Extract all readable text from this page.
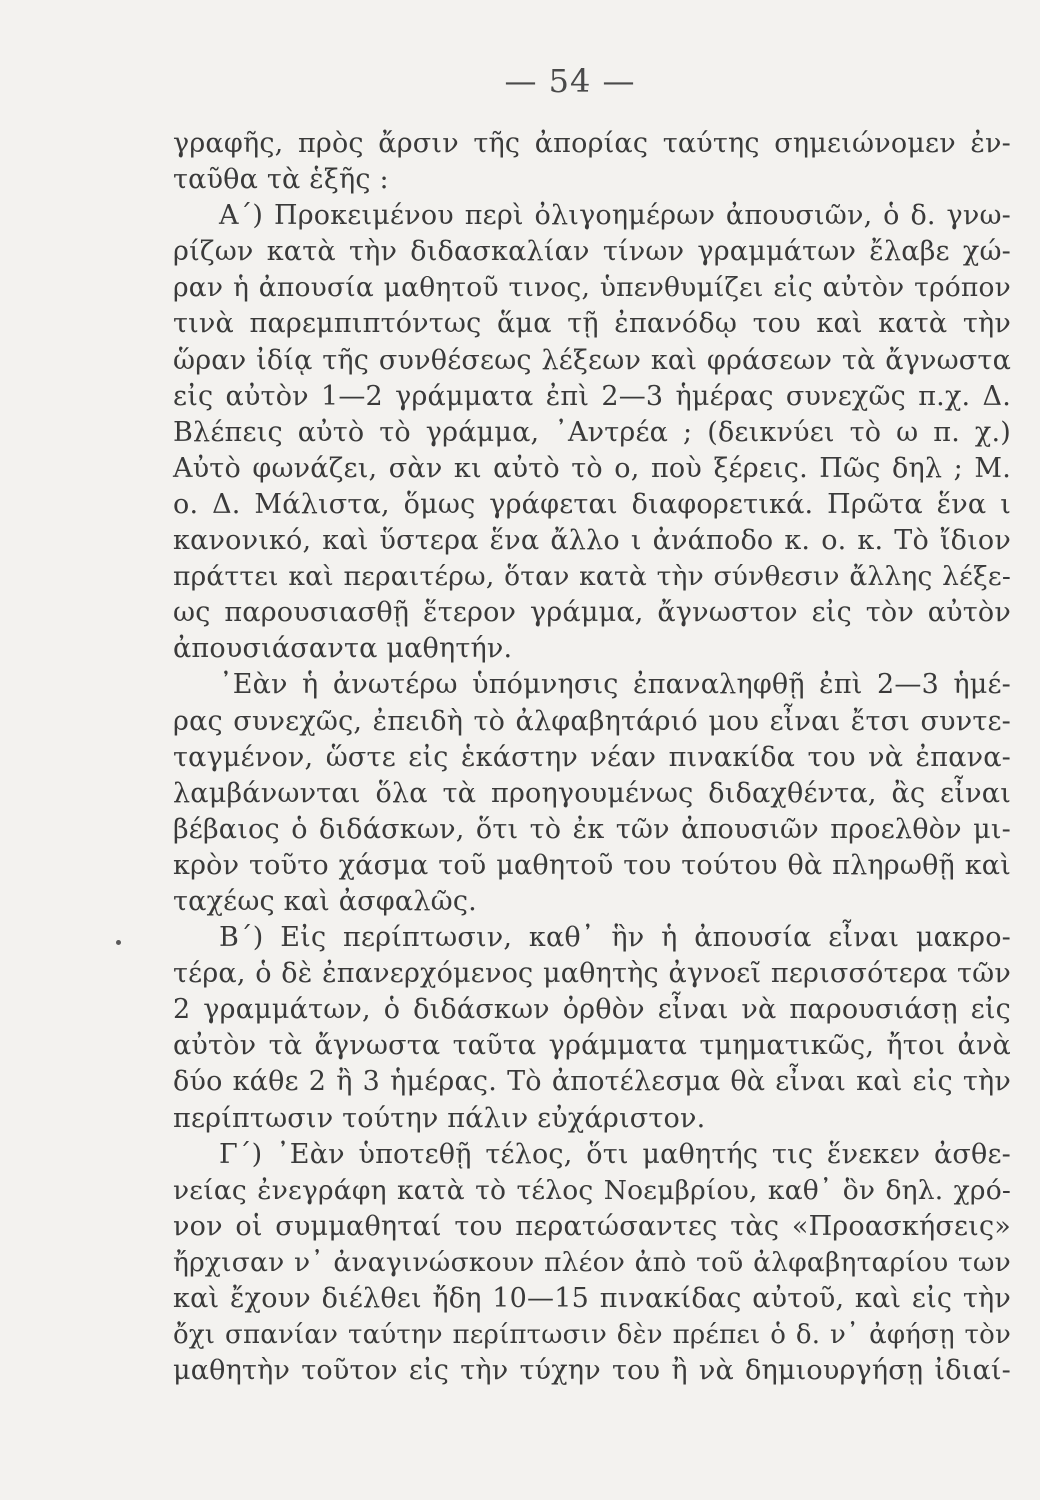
— 54 —
γραφῆς, πρὸς ἄρσιν τῆς ἀπορίας ταύτης σημειώνομεν ἐν-
ταῦθα τὰ ἑξῆς :
Α΄) Προκειμένου περὶ ὀλιγοημέρων ἀπουσιῶν, ὁ δ. γνω-
ρίζων κατὰ τὴν διδασκαλίαν τίνων γραμμάτων ἔλαβε χώ-
ραν ἡ ἀπουσία μαθητοῦ τινος, ὑπενθυμίζει εἰς αὐτὸν τρόπον
τινὰ παρεμπιπτόντως ἅμα τῇ ἐπανόδῳ του καὶ κατὰ τὴν
ὥραν ἰδίᾳ τῆς συνθέσεως λέξεων καὶ φράσεων τὰ ἄγνωστα
εἰς αὐτὸν 1—2 γράμματα ἐπὶ 2—3 ἡμέρας συνεχῶς π.χ. Δ.
Βλέπεις αὐτὸ τὸ γράμμα, ᾿Αντρέα ; (δεικνύει τὸ ω π. χ.)
Αὐτὸ φωνάζει, σὰν κι αὐτὸ τὸ ο, ποὺ ξέρεις. Πῶς δηλ ; Μ.
ο. Δ. Μάλιστα, ὅμως γράφεται διαφορετικά. Πρῶτα ἕνα ι
κανονικό, καὶ ὕστερα ἕνα ἄλλο ι ἀνάποδο κ. ο. κ. Τὸ ἴδιον
πράττει καὶ περαιτέρω, ὅταν κατὰ τὴν σύνθεσιν ἄλλης λέξε-
ως παρουσιασθῇ ἕτερον γράμμα, ἄγνωστον εἰς τὸν αὐτὸν
ἀπουσιάσαντα μαθητήν.
᾿Εὰν ἡ ἀνωτέρω ὑπόμνησις ἐπαναληφθῇ ἐπὶ 2—3 ἡμέ-
ρας συνεχῶς, ἐπειδὴ τὸ ἀλφαβητάριό μου εἶναι ἔτσι συντε-
ταγμένον, ὥστε εἰς ἑκάστην νέαν πινακίδα του νὰ ἐπανα-
λαμβάνωνται ὅλα τὰ προηγουμένως διδαχθέντα, ἂς εἶναι
βέβαιος ὁ διδάσκων, ὅτι τὸ ἐκ τῶν ἀπουσιῶν προελθὸν μι-
κρὸν τοῦτο χάσμα τοῦ μαθητοῦ του τούτου θὰ πληρωθῇ καὶ
ταχέως καὶ ἀσφαλῶς.
Β΄) Εἰς περίπτωσιν, καθ᾿ ἣν ἡ ἀπουσία εἶναι μακρο-
τέρα, ὁ δὲ ἐπανερχόμενος μαθητὴς ἀγνοεῖ περισσότερα τῶν
2 γραμμάτων, ὁ διδάσκων ὀρθὸν εἶναι νὰ παρουσιάσῃ εἰς
αὐτὸν τὰ ἄγνωστα ταῦτα γράμματα τμηματικῶς, ἤτοι ἀνὰ
δύο κάθε 2 ἢ 3 ἡμέρας. Τὸ ἀποτέλεσμα θὰ εἶναι καὶ εἰς τὴν
περίπτωσιν τούτην πάλιν εὐχάριστον.
Γ΄) ᾿Εὰν ὑποτεθῇ τέλος, ὅτι μαθητής τις ἕνεκεν ἀσθε-
νείας ἐνεγράφη κατὰ τὸ τέλος Νοεμβρίου, καθ᾿ ὃν δηλ. χρό-
νον οἱ συμμαθηταί του περατώσαντες τὰς «Προασκήσεις»
ἤρχισαν ν᾿ ἀναγινώσκουν πλέον ἀπὸ τοῦ ἀλφαβηταρίου των
καὶ ἔχουν διέλθει ἤδη 10—15 πινακίδας αὐτοῦ, καὶ εἰς τὴν
ὄχι σπανίαν ταύτην περίπτωσιν δὲν πρέπει ὁ δ. ν᾿ ἀφήσῃ τὸν
μαθητὴν τοῦτον εἰς τὴν τύχην του ἢ νὰ δημιουργήσῃ ἰδιαί-
